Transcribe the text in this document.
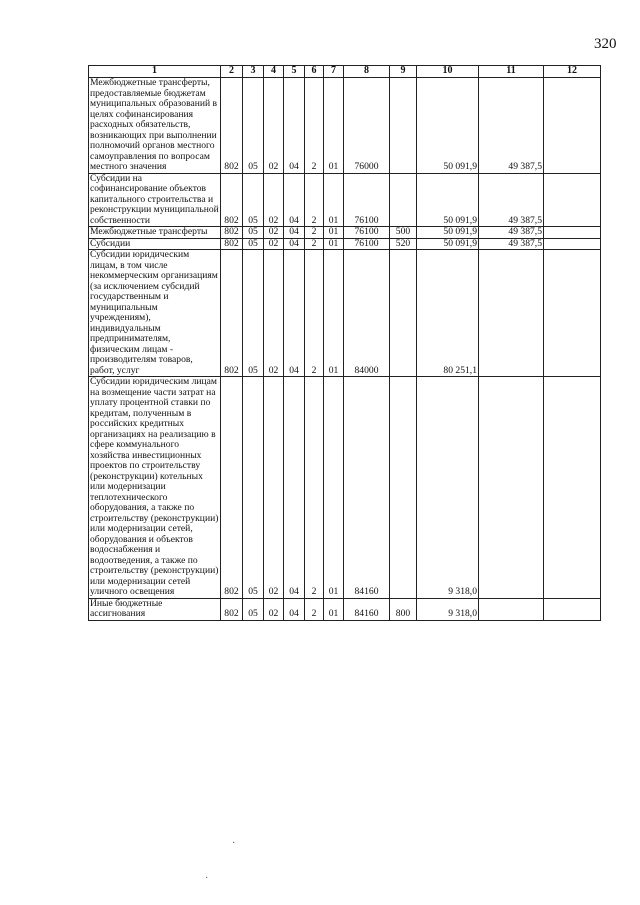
320
1	2	3	4	5	6	7	8	9	10	11	12
Межбюджетные трансферты, предоставляемые бюджетам муниципальных образований в целях софинансирования расходных обязательств, возникающих при выполнении полномочий органов местного самоуправления по вопросам местного значения	802	05	02	04	2	01	76000		50 091,9	49 387,5	
Субсидии на софинансирование объектов капитального строительства и реконструкции муниципальной собственности	802	05	02	04	2	01	76100		50 091,9	49 387,5	
Межбюджетные трансферты	802	05	02	04	2	01	76100	500	50 091,9	49 387,5	
Субсидии	802	05	02	04	2	01	76100	520	50 091,9	49 387,5	
Субсидии юридическим лицам, в том числе некоммерческим организациям (за исключением субсидий государственным и муниципальным учреждениям), индивидуальным предпринимателям, физическим лицам - производителям товаров, работ, услуг	802	05	02	04	2	01	84000		80 251,1		
Субсидии юридическим лицам на возмещение части затрат на уплату процентной ставки по кредитам, полученным в российских кредитных организациях на реализацию в сфере коммунального хозяйства инвестиционных проектов по строительству (реконструкции) котельных или модернизации теплотехнического оборудования, а также по строительству (реконструкции) или модернизации сетей, оборудования и объектов водоснабжения и водоотведения, а также по строительству (реконструкции) или модернизации сетей уличного освещения	802	05	02	04	2	01	84160		9 318,0		
Иные бюджетные ассигнования	802	05	02	04	2	01	84160	800	9 318,0		
·
·
